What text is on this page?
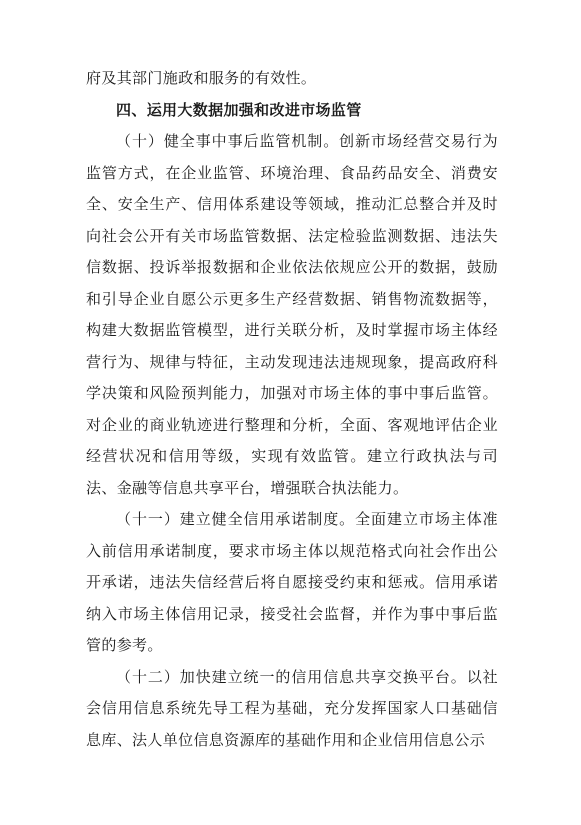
府及其部门施政和服务的有效性。

四、运用大数据加强和改进市场监管

（十）健全事中事后监管机制。创新市场经营交易行为监管方式，在企业监管、环境治理、食品药品安全、消费安全、安全生产、信用体系建设等领域，推动汇总整合并及时向社会公开有关市场监管数据、法定检验监测数据、违法失信数据、投诉举报数据和企业依法依规应公开的数据，鼓励和引导企业自愿公示更多生产经营数据、销售物流数据等，构建大数据监管模型，进行关联分析，及时掌握市场主体经营行为、规律与特征，主动发现违法违规现象，提高政府科学决策和风险预判能力，加强对市场主体的事中事后监管。对企业的商业轨迹进行整理和分析，全面、客观地评估企业经营状况和信用等级，实现有效监管。建立行政执法与司法、金融等信息共享平台，增强联合执法能力。

（十一）建立健全信用承诺制度。全面建立市场主体准入前信用承诺制度，要求市场主体以规范格式向社会作出公开承诺，违法失信经营后将自愿接受约束和惩戒。信用承诺纳入市场主体信用记录，接受社会监督，并作为事中事后监管的参考。

（十二）加快建立统一的信用信息共享交换平台。以社会信用信息系统先导工程为基础，充分发挥国家人口基础信息库、法人单位信息资源库的基础作用和企业信用信息公示
